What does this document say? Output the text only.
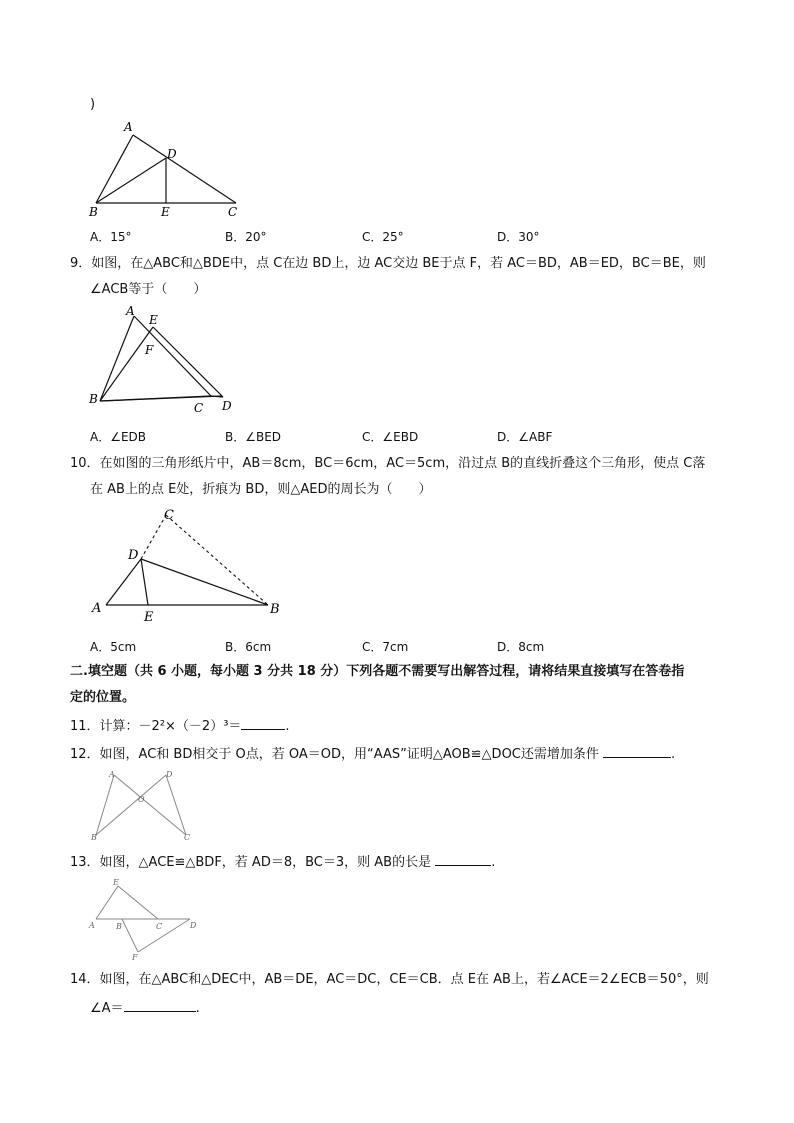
)
A
D
B	E	C
A．15°	B．20°	C．25°	D．30°
9．如图，在△ABC和△BDE中，点 C在边 BD上，边 AC交边 BE于点 F，若 AC＝BD，AB＝ED，BC＝BE，则
∠ACB等于（　　）
A
E
F
B
C D
A．∠EDB	B．∠BED	C．∠EBD	D．∠ABF
10．在如图的三角形纸片中，AB＝8cm，BC＝6cm，AC＝5cm，沿过点 B的直线折叠这个三角形，使点 C落
在 AB上的点 E处，折痕为 BD，则△AED的周长为（　　）
C
D
A
E
B
A．5cm	B．6cm	C．7cm	D．8cm
二.填空题（共 6 小题，每小题 3 分共 18 分）下列各题不需要写出解答过程，请将结果直接填写在答卷指
定的位置。
11．计算：－2²×（－2）³＝	.
12．如图，AC和 BD相交于 O点，若 OA＝OD，用“AAS”证明△AOB≌△DOC还需增加条件	.
A	D
O
B	C
13．如图，△ACE≌△BDF，若 AD＝8，BC＝3，则 AB的长是	.
E
A	B	C	D
F
14．如图，在△ABC和△DEC中，AB＝DE，AC＝DC，CE＝CB．点 E在 AB上，若∠ACE＝2∠ECB＝50°，则
∠A＝	.
